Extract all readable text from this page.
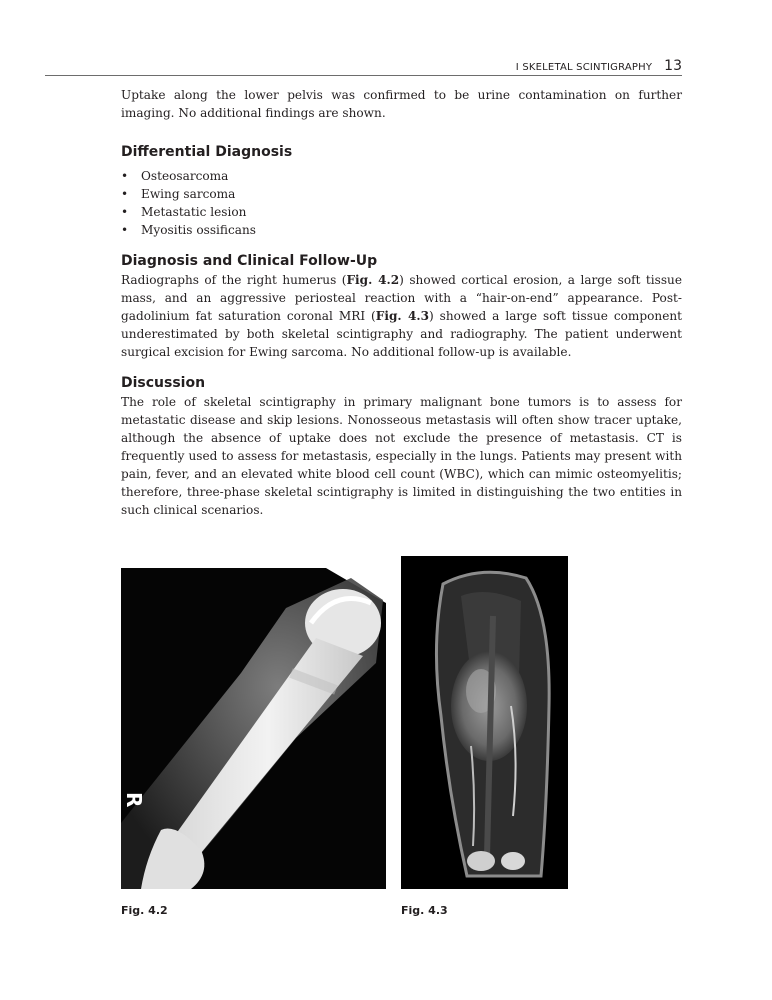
I SKELETAL SCINTIGRAPHY 13

Uptake along the lower pelvis was confirmed to be urine contamination on further imaging. No additional findings are shown.

Differential Diagnosis
•	Osteosarcoma
•	Ewing sarcoma
•	Metastatic lesion
•	Myositis ossificans
Diagnosis and Clinical Follow-Up

Radiographs of the right humerus (Fig. 4.2) showed cortical erosion, a large soft tissue mass, and an aggressive periosteal reaction with a “hair-on-end” appearance. Post-gadolinium fat saturation coronal MRI (Fig. 4.3) showed a large soft tissue component underestimated by both skeletal scintigraphy and radiography. The patient underwent surgical excision for Ewing sarcoma. No additional follow-up is available.

Discussion

The role of skeletal scintigraphy in primary malignant bone tumors is to assess for metastatic disease and skip lesions. Nonosseous metastasis will often show tracer uptake, although the absence of uptake does not exclude the presence of metastasis. CT is frequently used to assess for metastasis, especially in the lungs. Patients may present with pain, fever, and an elevated white blood cell count (WBC), which can mimic osteomyelitis; therefore, three-phase skeletal scintigraphy is limited in distinguishing the two entities in such clinical scenarios.

R
Fig. 4.2	Fig. 4.3
